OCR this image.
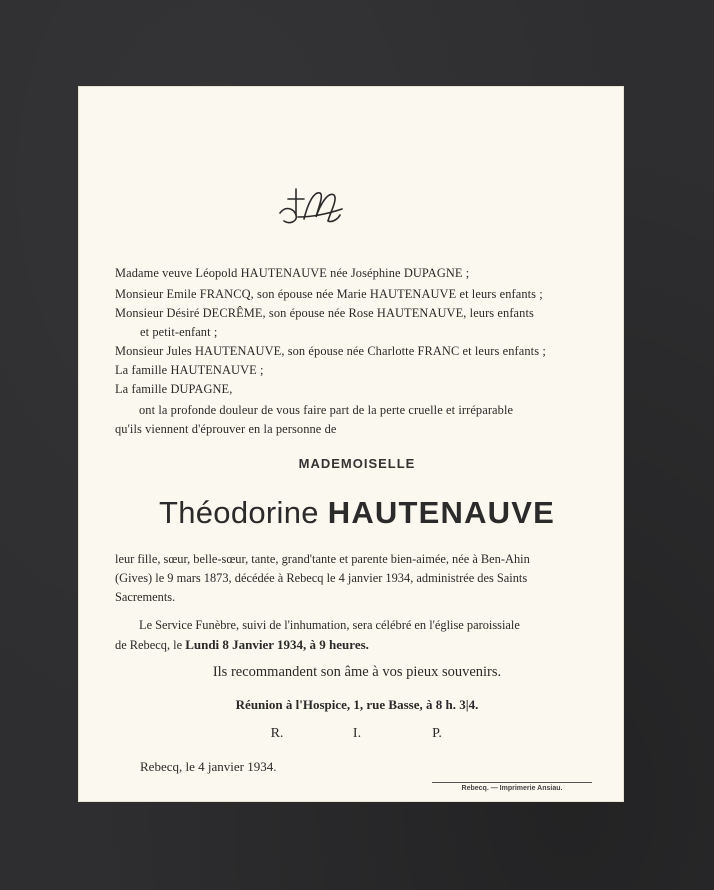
Madame veuve Léopold HAUTENAUVE née Joséphine DUPAGNE ;
Monsieur Emile FRANCQ, son épouse née Marie HAUTENAUVE et leurs enfants ;
Monsieur Désiré DECRÊME, son épouse née Rose HAUTENAUVE, leurs enfants
et petit-enfant ;
Monsieur Jules HAUTENAUVE, son épouse née Charlotte FRANC et leurs enfants ;
La famille HAUTENAUVE ;
La famille DUPAGNE,
ont la profonde douleur de vous faire part de la perte cruelle et irréparable
qu'ils viennent d'éprouver en la personne de
MADEMOISELLE
Théodorine HAUTENAUVE
leur fille, sœur, belle-sœur, tante, grand'tante et parente bien-aimée, née à Ben-Ahin
(Gives) le 9 mars 1873, décédée à Rebecq le 4 janvier 1934, administrée des Saints
Sacrements.
Le Service Funèbre, suivi de l'inhumation, sera célébré en l'église paroissiale
de Rebecq, le Lundi 8 Janvier 1934, à 9 heures.
Ils recommandent son âme à vos pieux souvenirs.
Réunion à l'Hospice, 1, rue Basse, à 8 h. 3|4.
R.	I.	P.
Rebecq, le 4 janvier 1934.
Rebecq. — Imprimerie Ansiau.
